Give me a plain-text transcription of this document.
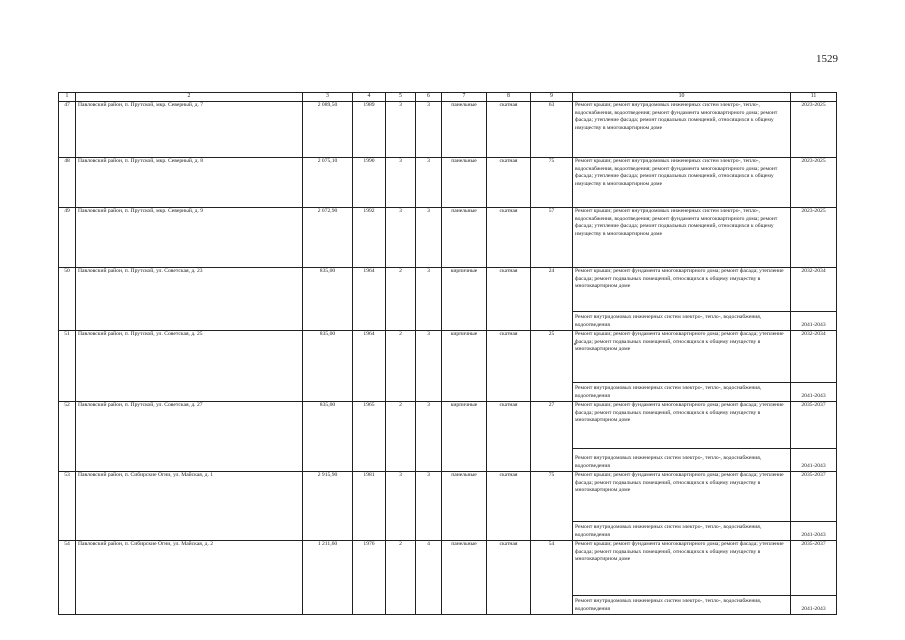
1529
1	2	3	4	5	6	7	8	9	10	11
47	Павловский район, п. Прутской, мкр. Северный, д. 7	2 089,50	1989	3	3	панельные	скатная	63	Ремонт крыши; ремонт внутридомовых инженерных систем электро-, тепло-, водоснабжения, водоотведения; ремонт фундамента многоквартирного дома; ремонт фасада; утепление фасада; ремонт подвальных помещений, относящихся к общему имуществу в многоквартирном доме	2023-2025
48	Павловский район, п. Прутской, мкр. Северный, д. 8	2 075,10	1990	3	3	панельные	скатная	75	Ремонт крыши; ремонт внутридомовых инженерных систем электро-, тепло-, водоснабжения, водоотведения; ремонт фундамента многоквартирного дома; ремонт фасада; утепление фасада; ремонт подвальных помещений, относящихся к общему имуществу в многоквартирном доме	2023-2025
49	Павловский район, п. Прутской, мкр. Северный, д. 9	2 072,90	1992	3	3	панельные	скатная	57	Ремонт крыши; ремонт внутридомовых инженерных систем электро-, тепло-, водоснабжения, водоотведения; ремонт фундамента многоквартирного дома; ремонт фасада; утепление фасада; ремонт подвальных помещений, относящихся к общему имуществу в многоквартирном доме	2023-2025
50	Павловский район, п. Прутской, ул. Советская, д. 23	835,00	1964	2	3	кирпичные	скатная	24	Ремонт крыши; ремонт фундамента многоквартирного дома; ремонт фасада; утепление фасада; ремонт подвальных помещений, относящихся к общему имуществу в многоквартирном доме	2032-2034
									Ремонт внутридомовых инженерных систем электро-, тепло-, водоснабжения, водоотведения	2041-2043
51	Павловский район, п. Прутской, ул. Советская, д. 25	835,00	1964	2	3	кирпичные	скатная	25	Ремонт крыши; ремонт фундамента многоквартирного дома; ремонт фасада; утепление фасада; ремонт подвальных помещений, относящихся к общему имуществу в многоквартирном доме	2032-2034
									Ремонт внутридомовых инженерных систем электро-, тепло-, водоснабжения, водоотведения	2041-2043
52	Павловский район, п. Прутской, ул. Советская, д. 27	835,00	1965	2	3	кирпичные	скатная	27	Ремонт крыши; ремонт фундамента многоквартирного дома; ремонт фасада; утепление фасада; ремонт подвальных помещений, относящихся к общему имуществу в многоквартирном доме	2035-2037
									Ремонт внутридомовых инженерных систем электро-, тепло-, водоснабжения, водоотведения	2041-2043
53	Павловский район, п. Сибирские Огни, ул. Майская, д. 1	2 915,90	1981	3	3	панельные	скатная	75	Ремонт крыши; ремонт фундамента многоквартирного дома; ремонт фасада; утепление фасада; ремонт подвальных помещений, относящихся к общему имуществу в многоквартирном доме	2035-2037
									Ремонт внутридомовых инженерных систем электро-, тепло-, водоснабжения, водоотведения	2041-2043
54	Павловский район, п. Сибирские Огни, ул. Майская, д. 2	1 211,60	1976	2	4	панельные	скатная	54	Ремонт крыши; ремонт фундамента многоквартирного дома; ремонт фасада; утепление фасада; ремонт подвальных помещений, относящихся к общему имуществу в многоквартирном доме	2035-2037
									Ремонт внутридомовых инженерных систем электро-, тепло-, водоснабжения, водоотведения	2041-2043
